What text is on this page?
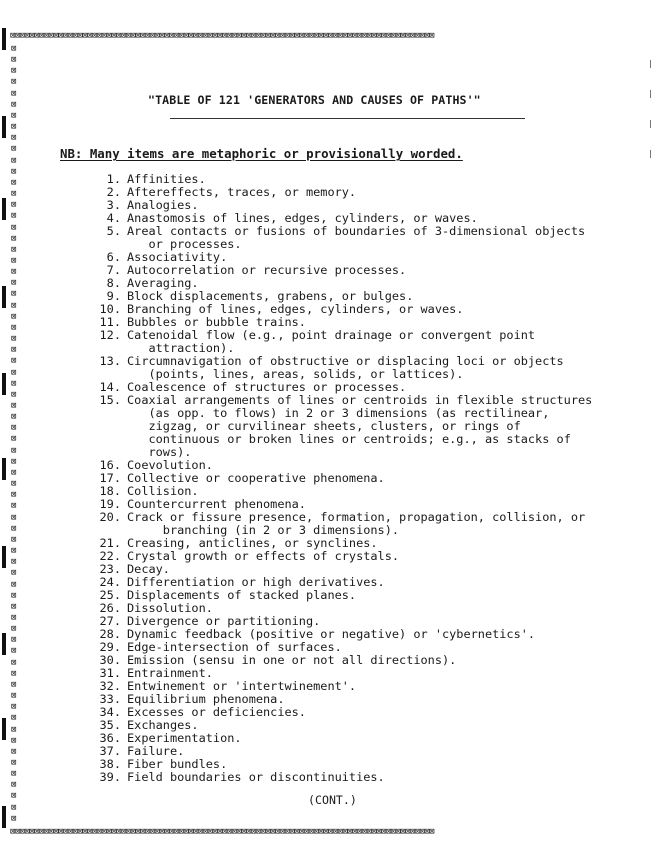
⊠⊠⊠⊠⊠⊠⊠⊠⊠⊠⊠⊠⊠⊠⊠⊠⊠⊠⊠⊠⊠⊠⊠⊠⊠⊠⊠⊠⊠⊠⊠⊠⊠⊠⊠⊠⊠⊠⊠⊠⊠⊠⊠⊠⊠⊠⊠⊠⊠⊠⊠⊠⊠⊠⊠⊠⊠⊠⊠⊠⊠⊠⊠⊠⊠⊠⊠⊠⊠⊠⊠⊠⊠⊠⊠⊠⊠⊠⊠⊠⊠⊠⊠⊠⊠⊠⊠⊠
⊠
⊠
⊠
⊠
⊠
⊠
⊠
⊠
⊠
⊠
⊠
⊠
⊠
⊠
⊠
⊠
⊠
⊠
⊠
⊠
⊠
⊠
⊠
⊠
⊠
⊠
⊠
⊠
⊠
⊠
⊠
⊠
⊠
⊠
⊠
⊠
⊠
⊠
⊠
⊠
⊠
⊠
⊠
⊠
⊠
⊠
⊠
⊠
⊠
⊠
⊠
⊠
⊠
⊠
⊠
⊠
⊠
⊠
⊠
⊠
⊠
⊠
⊠
⊠
⊠
⊠
⊠
⊠
⊠
⊠
⊠⊠⊠⊠⊠⊠⊠⊠⊠⊠⊠⊠⊠⊠⊠⊠⊠⊠⊠⊠⊠⊠⊠⊠⊠⊠⊠⊠⊠⊠⊠⊠⊠⊠⊠⊠⊠⊠⊠⊠⊠⊠⊠⊠⊠⊠⊠⊠⊠⊠⊠⊠⊠⊠⊠⊠⊠⊠⊠⊠⊠⊠⊠⊠⊠⊠⊠⊠⊠⊠⊠⊠⊠⊠⊠⊠⊠⊠⊠⊠⊠⊠⊠⊠⊠⊠⊠⊠
"TABLE OF 121 'GENERATORS AND CAUSES OF PATHS'"
NB: Many items are metaphoric or provisionally worded.
1. Affinities.
2. Aftereffects, traces, or memory.
3. Analogies.
4. Anastomosis of lines, edges, cylinders, or waves.
5. Areal contacts or fusions of boundaries of 3-dimensional objects
or processes.
6. Associativity.
7. Autocorrelation or recursive processes.
8. Averaging.
9. Block displacements, grabens, or bulges.
10. Branching of lines, edges, cylinders, or waves.
11. Bubbles or bubble trains.
12. Catenoidal flow (e.g., point drainage or convergent point
attraction).
13. Circumnavigation of obstructive or displacing loci or objects
(points, lines, areas, solids, or lattices).
14. Coalescence of structures or processes.
15. Coaxial arrangements of lines or centroids in flexible structures
(as opp. to flows) in 2 or 3 dimensions (as rectilinear,
zigzag, or curvilinear sheets, clusters, or rings of
continuous or broken lines or centroids; e.g., as stacks of
rows).
16. Coevolution.
17. Collective or cooperative phenomena.
18. Collision.
19. Countercurrent phenomena.
20. Crack or fissure presence, formation, propagation, collision, or
branching (in 2 or 3 dimensions).
21. Creasing, anticlines, or synclines.
22. Crystal growth or effects of crystals.
23. Decay.
24. Differentiation or high derivatives.
25. Displacements of stacked planes.
26. Dissolution.
27. Divergence or partitioning.
28. Dynamic feedback (positive or negative) or 'cybernetics'.
29. Edge-intersection of surfaces.
30. Emission (sensu in one or not all directions).
31. Entrainment.
32. Entwinement or 'intertwinement'.
33. Equilibrium phenomena.
34. Excesses or deficiencies.
35. Exchanges.
36. Experimentation.
37. Failure.
38. Fiber bundles.
39. Field boundaries or discontinuities.
(CONT.)
